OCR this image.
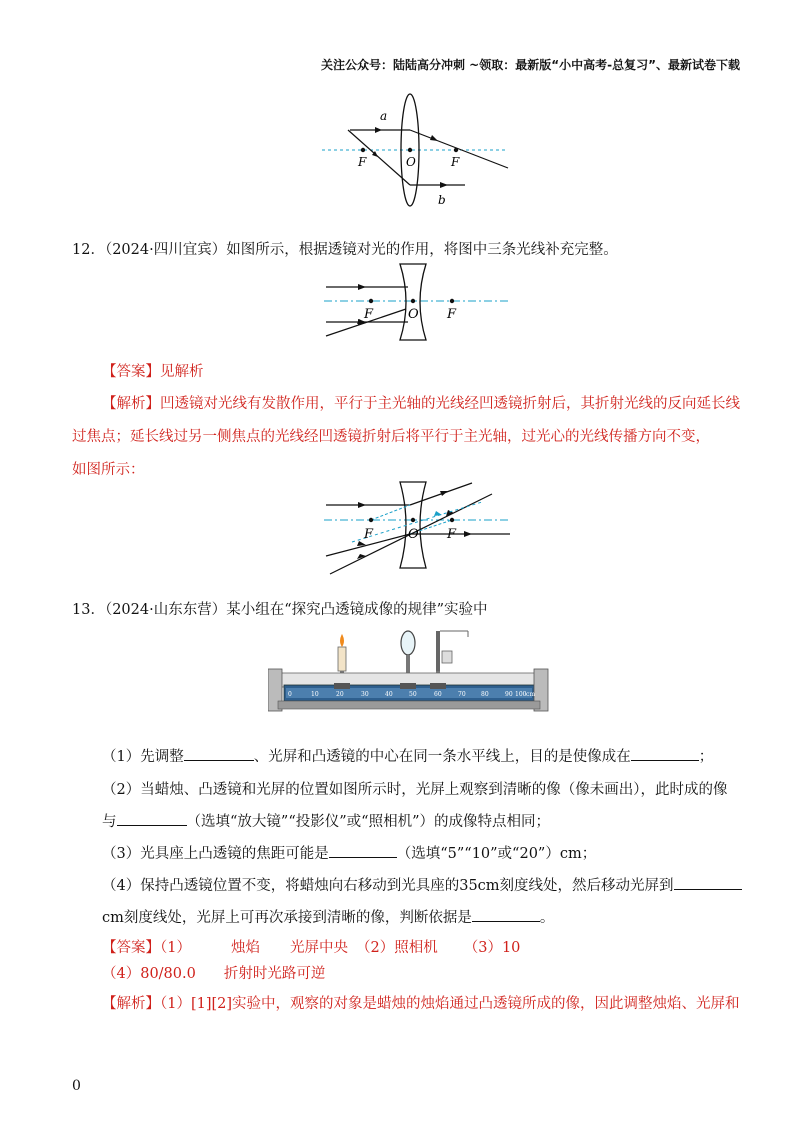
关注公众号：陆陆高分冲刺 ~领取：最新版“小中高考-总复习”、最新试卷下载
a
F	O	F
b
12．（2024·四川宜宾）如图所示，根据透镜对光的作用，将图中三条光线补充完整。
F	O F
【答案】见解析
【解析】凹透镜对光线有发散作用，平行于主光轴的光线经凹透镜折射后，其折射光线的反向延长线
过焦点；延长线过另一侧焦点的光线经凹透镜折射后将平行于主光轴，过光心的光线传播方向不变，
如图所示：
F	O F
13．（2024·山东东营）某小组在“探究凸透镜成像的规律”实验中
0	10	20	30	40	50	60	70	80	90 100 cm
（1）先调整	、光屏和凸透镜的中心在同一条水平线上，目的是使像成在	；
（2）当蜡烛、凸透镜和光屏的位置如图所示时，光屏上观察到清晰的像（像未画出），此时成的像
与	（选填“放大镜”“投影仪”或“照相机”）的成像特点相同；
（3）光具座上凸透镜的焦距可能是	（选填“5”“10”或“20”）cm；
（4）保持凸透镜位置不变，将蜡烛向右移动到光具座的35cm刻度线处，然后移动光屏到
cm刻度线处，光屏上可再次承接到清晰的像，判断依据是	。
【答案】（1）	烛焰 光屏中央 （2）照相机 （3）10
（4）80/80.0 折射时光路可逆
【解析】（1）[1][2]实验中，观察的对象是蜡烛的烛焰通过凸透镜所成的像，因此调整烛焰、光屏和
0
